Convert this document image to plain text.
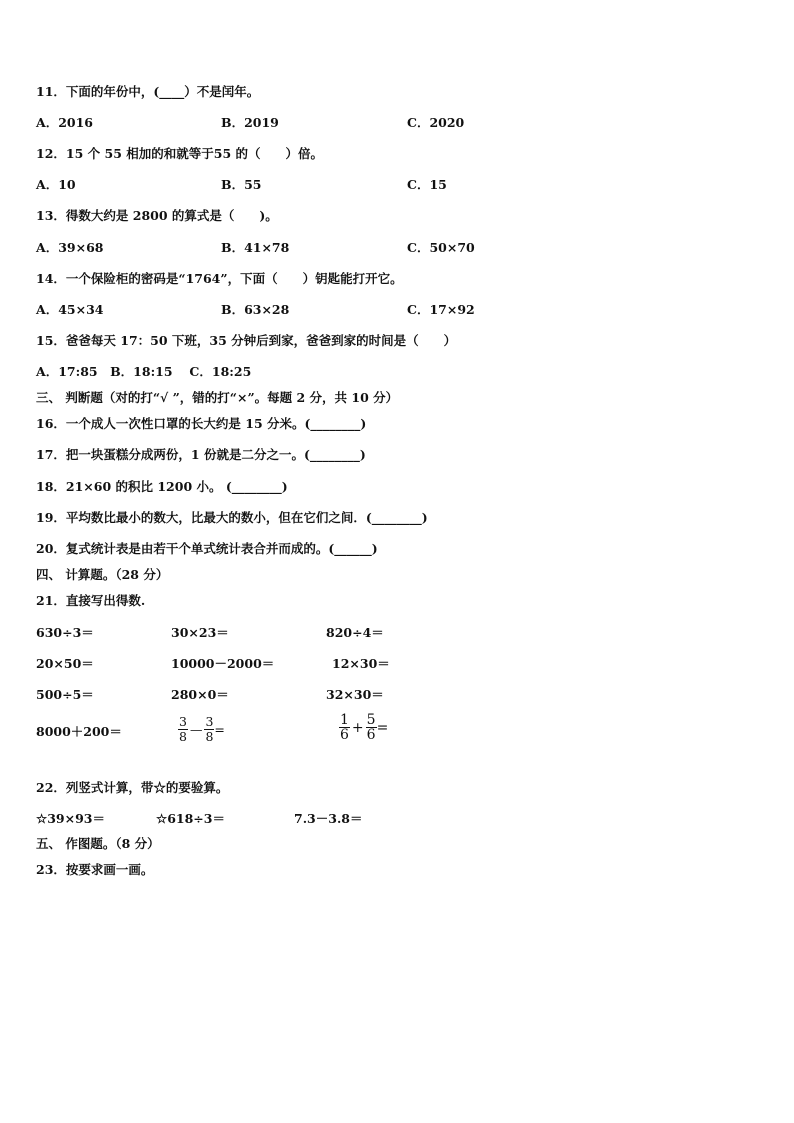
11．下面的年份中，(____）不是闰年。
A．2016	B．2019	C．2020
12．15 个 55 相加的和就等于55 的（　　）倍。
A．10	B．55	C．15
13．得数大约是 2800 的算式是（　　)。
A．39×68	B．41×78	C．50×70
14．一个保险柜的密码是“1764”，下面（　　）钥匙能打开它。
A．45×34	B．63×28	C．17×92
15．爸爸每天 17：50 下班，35 分钟后到家，爸爸到家的时间是（　　）
A．17:85　B．18:15　 C．18:25
三、 判断题（对的打“√ ”，错的打“×”。每题 2 分，共 10 分）
16．一个成人一次性口罩的长大约是 15 分米。(________)
17．把一块蛋糕分成两份，1 份就是二分之一。(________)
18．21×60 的积比 1200 小。 (________)
19．平均数比最小的数大，比最大的数小，但在它们之间．(________)
20．复式统计表是由若干个单式统计表合并而成的。(______)
四、 计算题。（28 分）
21．直接写出得数.
630÷3＝	30×23＝	820÷4＝
20×50＝	10000－2000＝	12×30＝
500÷5＝	280×0＝	32×30＝
8000＋200＝	$\frac{3}{8}$ — $\frac{3}{8}$ =	$\frac{1}{6} + \frac{5}{6}$ =
22．列竖式计算，带☆的要验算。
☆39×93＝	☆618÷3＝	7.3－3.8＝
五、 作图题。（8 分）
23．按要求画一画。
